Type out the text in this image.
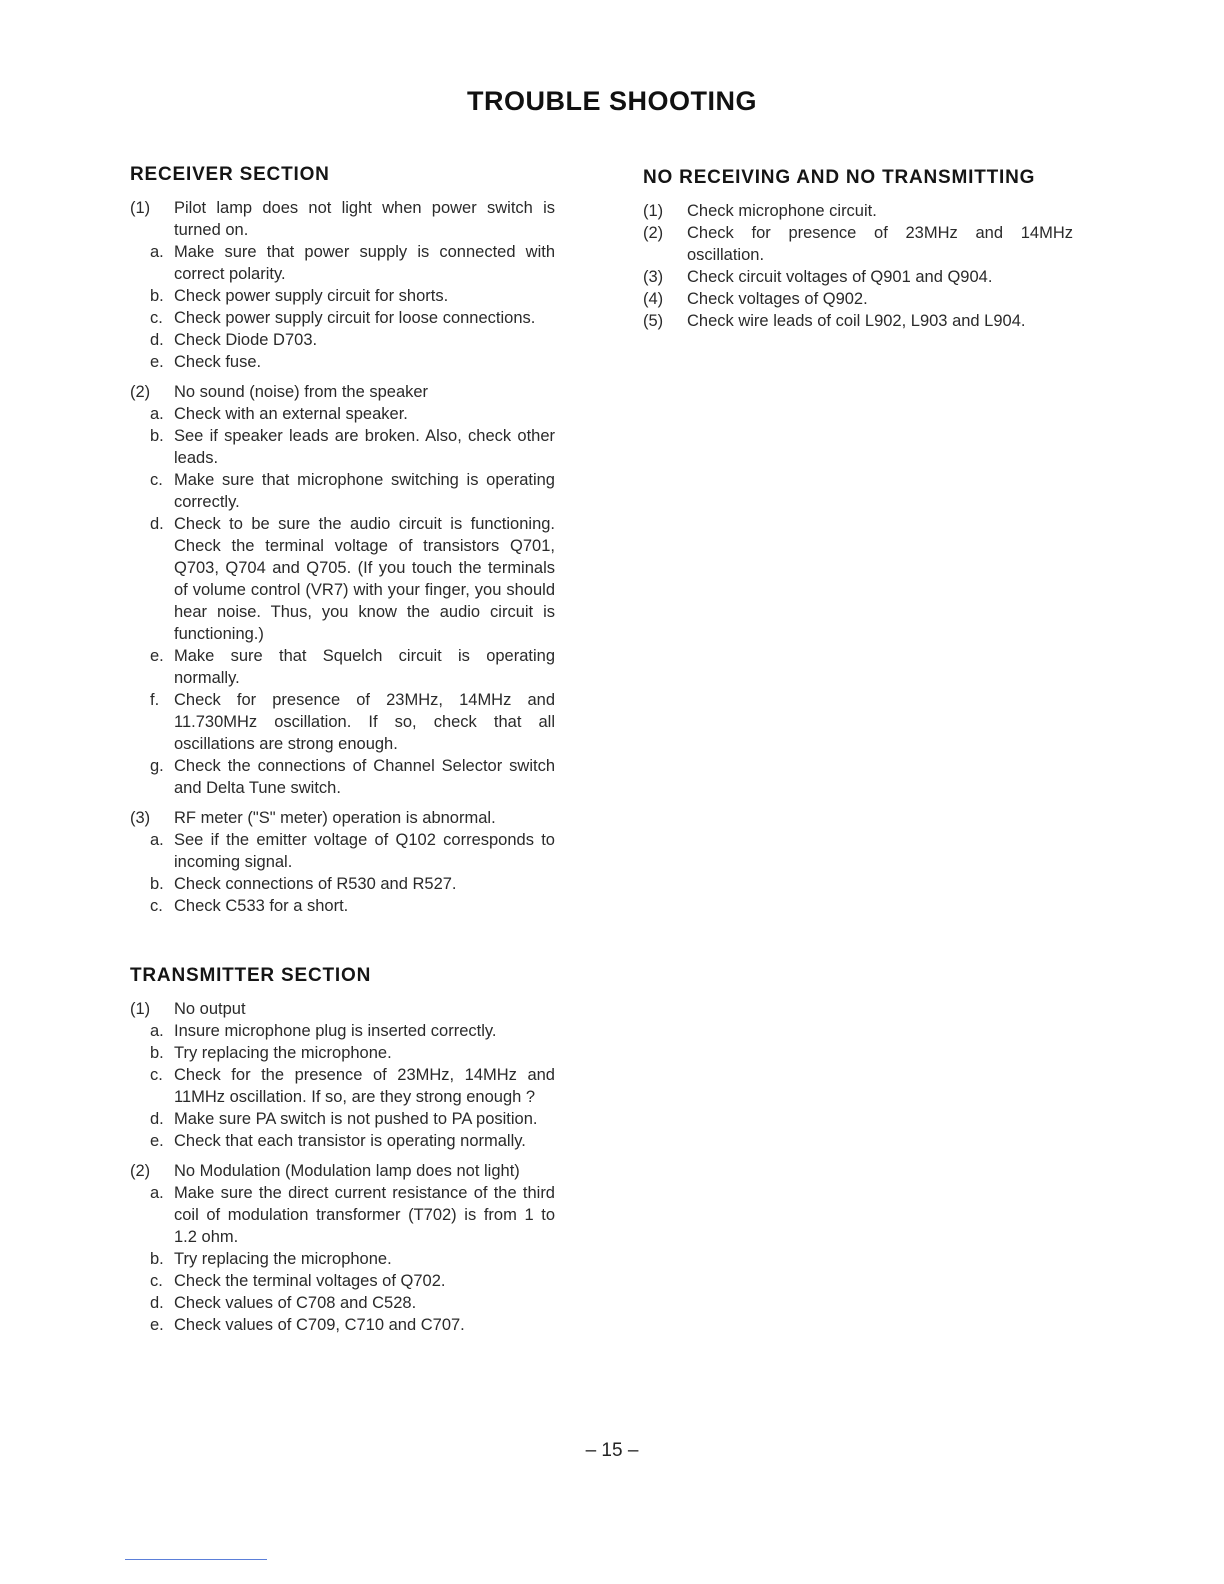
TROUBLE SHOOTING
RECEIVER SECTION
(1)	Pilot lamp does not light when power switch is turned on.
a. Make sure that power supply is connected with correct polarity.
b. Check power supply circuit for shorts.
c. Check power supply circuit for loose connections.
d. Check Diode D703.
e. Check fuse.
(2)	No sound (noise) from the speaker
a. Check with an external speaker.
b. See if speaker leads are broken. Also, check other leads.
c. Make sure that microphone switching is operating correctly.
d. Check to be sure the audio circuit is functioning. Check the terminal voltage of transistors Q701, Q703, Q704 and Q705. (If you touch the terminals of volume control (VR7) with your finger, you should hear noise. Thus, you know the audio circuit is functioning.)
e. Make sure that Squelch circuit is operating normally.
f. Check for presence of 23MHz, 14MHz and 11.730MHz oscillation. If so, check that all oscillations are strong enough.
g. Check the connections of Channel Selector switch and Delta Tune switch.
(3)	RF meter ("S" meter) operation is abnormal.
a. See if the emitter voltage of Q102 corresponds to incoming signal.
b. Check connections of R530 and R527.
c. Check C533 for a short.
TRANSMITTER SECTION
(1)	No output
a. Insure microphone plug is inserted correctly.
b. Try replacing the microphone.
c. Check for the presence of 23MHz, 14MHz and 11MHz oscillation. If so, are they strong enough ?
d. Make sure PA switch is not pushed to PA position.
e. Check that each transistor is operating normally.
(2)	No Modulation (Modulation lamp does not light)
a. Make sure the direct current resistance of the third coil of modulation transformer (T702) is from 1 to 1.2 ohm.
b. Try replacing the microphone.
c. Check the terminal voltages of Q702.
d. Check values of C708 and C528.
e. Check values of C709, C710 and C707.
NO RECEIVING AND NO TRANSMITTING
(1)	Check microphone circuit.
(2)	Check for presence of 23MHz and 14MHz oscillation.
(3)	Check circuit voltages of Q901 and Q904.
(4)	Check voltages of Q902.
(5)	Check wire leads of coil L902, L903 and L904.
– 15 –
